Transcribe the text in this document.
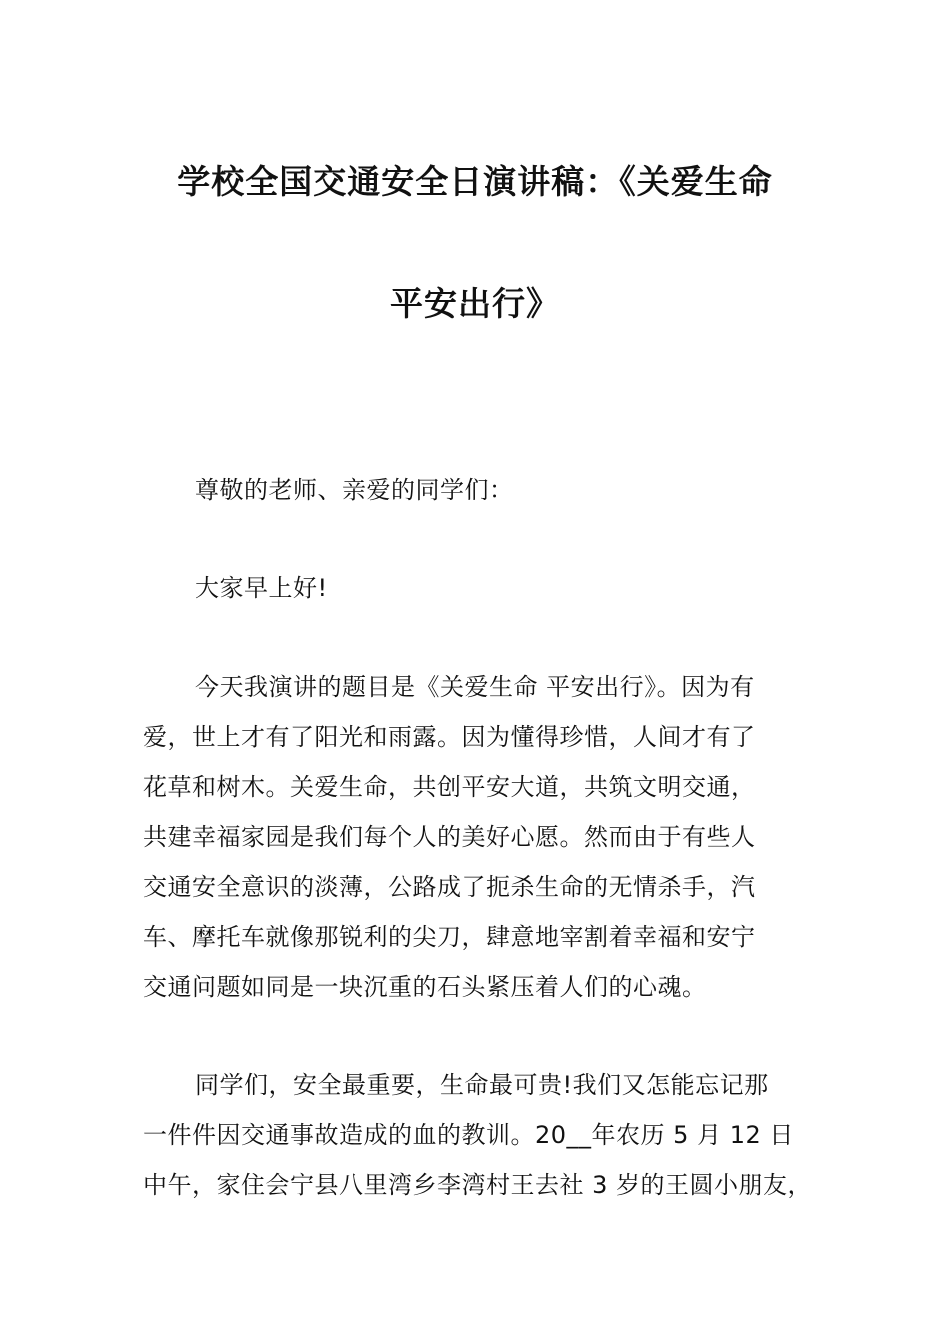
学校全国交通安全日演讲稿：《关爱生命
平安出行》
尊敬的老师、亲爱的同学们：
大家早上好!
今天我演讲的题目是《关爱生命 平安出行》。因为有
爱，世上才有了阳光和雨露。因为懂得珍惜，人间才有了
花草和树木。关爱生命，共创平安大道，共筑文明交通，
共建幸福家园是我们每个人的美好心愿。然而由于有些人
交通安全意识的淡薄，公路成了扼杀生命的无情杀手，汽
车、摩托车就像那锐利的尖刀，肆意地宰割着幸福和安宁
交通问题如同是一块沉重的石头紧压着人们的心魂。
同学们，安全最重要，生命最可贵!我们又怎能忘记那
一件件因交通事故造成的血的教训。20__年农历 5 月 12 日
中午，家住会宁县八里湾乡李湾村王去社 3 岁的王圆小朋友，
